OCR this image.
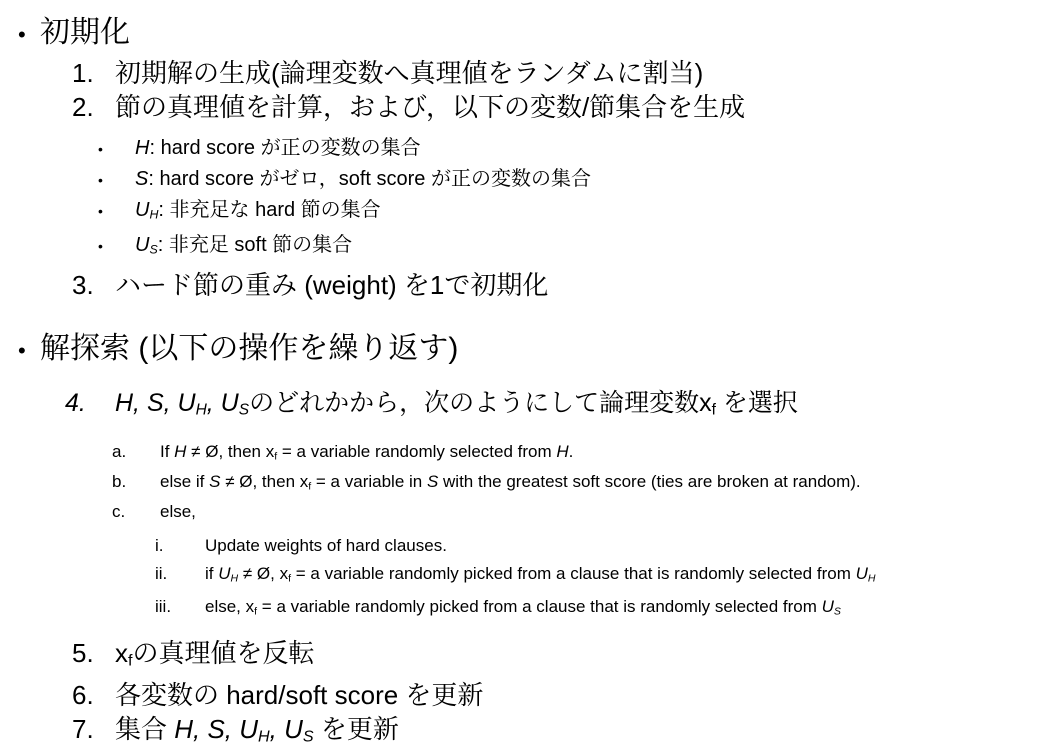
• 初期化
1. 初期解の生成(論理変数へ真理値をランダムに割当)
2. 節の真理値を計算，および，以下の変数/節集合を生成
•	H: hard score が正の変数の集合
•	S: hard score がゼロ，soft score が正の変数の集合
•	UH: 非充足な hard 節の集合
•	US: 非充足 soft 節の集合
3. ハード節の重み (weight) を1で初期化
• 解探索 (以下の操作を繰り返す)
4.	H, S, UH, USのどれかから，次のようにして論理変数xf を選択
a.	If H ≠ Ø, then xf = a variable randomly selected from H.
b.	else if S ≠ Ø, then xf = a variable in S with the greatest soft score (ties are broken at random).
c.	else,
i.	Update weights of hard clauses.
ii.	if UH ≠ Ø, xf = a variable randomly picked from a clause that is randomly selected from UH
iii.	else, xf = a variable randomly picked from a clause that is randomly selected from US
5. xfの真理値を反転
6. 各変数の hard/soft score を更新
7. 集合 H, S, UH, US を更新
